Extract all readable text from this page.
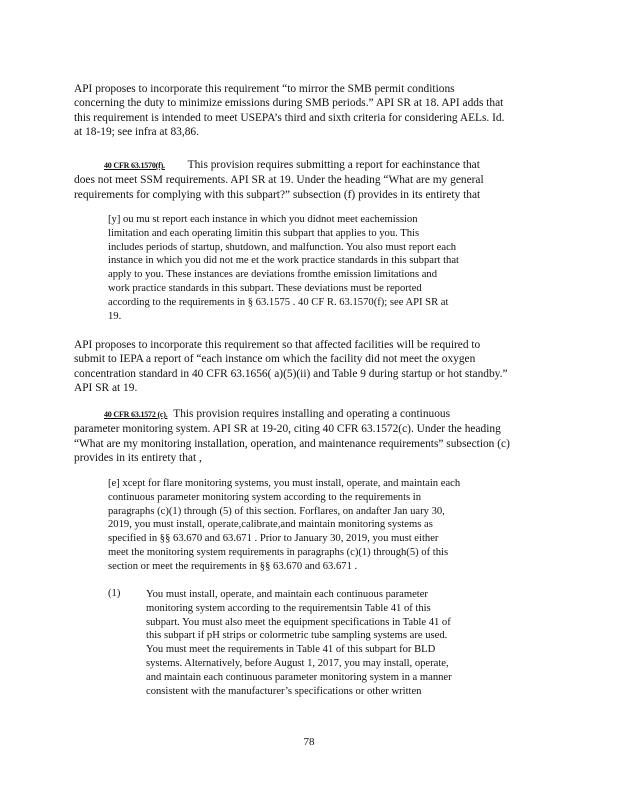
API proposes to incorporate this requirement “to mirror the SMB permit conditions
concerning the duty to minimize emissions during SMB periods.” API SR at 18. API adds that
this requirement is intended to meet USEPA’s third and sixth criteria for considering AELs. Id.
at 18-19; see infra at 83,86.
40 CFR 63.1570(f). This provision requires submitting a report for eachinstance that
does not meet SSM requirements. API SR at 19. Under the heading “What are my general
requirements for complying with this subpart?” subsection (f) provides in its entirety that
[y] ou mu st report each instance in which you didnot meet eachemission
limitation and each operating limitin this subpart that applies to you. This
includes periods of startup, shutdown, and malfunction. You also must report each
instance in which you did not me et the work practice standards in this subpart that
apply to you. These instances are deviations fromthe emission limitations and
work practice standards in this subpart. These deviations must be reported
according to the requirements in § 63.1575 . 40 CF R. 63.1570(f); see API SR at
19.
API proposes to incorporate this requirement so that affected facilities will be required to
submit to IEPA a report of “each instance om which the facility did not meet the oxygen
concentration standard in 40 CFR 63.1656( a)(5)(ii) and Table 9 during startup or hot standby.”
API SR at 19.
40 CFR 63.1572 (c). This provision requires installing and operating a continuous
parameter monitoring system. API SR at 19-20, citing 40 CFR 63.1572(c). Under the heading
“What are my monitoring installation, operation, and maintenance requirements” subsection (c)
provides in its entirety that ,
[e] xcept for flare monitoring systems, you must install, operate, and maintain each
continuous parameter monitoring system according to the requirements in
paragraphs (c)(1) through (5) of this section. Forflares, on andafter Jan uary 30,
2019, you must install, operate,calibrate,and maintain monitoring systems as
specified in §§ 63.670 and 63.671 . Prior to January 30, 2019, you must either
meet the monitoring system requirements in paragraphs (c)(1) through(5) of this
section or meet the requirements in §§ 63.670 and 63.671 .
(1) You must install, operate, and maintain each continuous parameter
monitoring system according to the requirementsin Table 41 of this
subpart. You must also meet the equipment specifications in Table 41 of
this subpart if pH strips or colormetric tube sampling systems are used.
You must meet the requirements in Table 41 of this subpart for BLD
systems. Alternatively, before August 1, 2017, you may install, operate,
and maintain each continuous parameter monitoring system in a manner
consistent with the manufacturer’s specifications or other written
78
